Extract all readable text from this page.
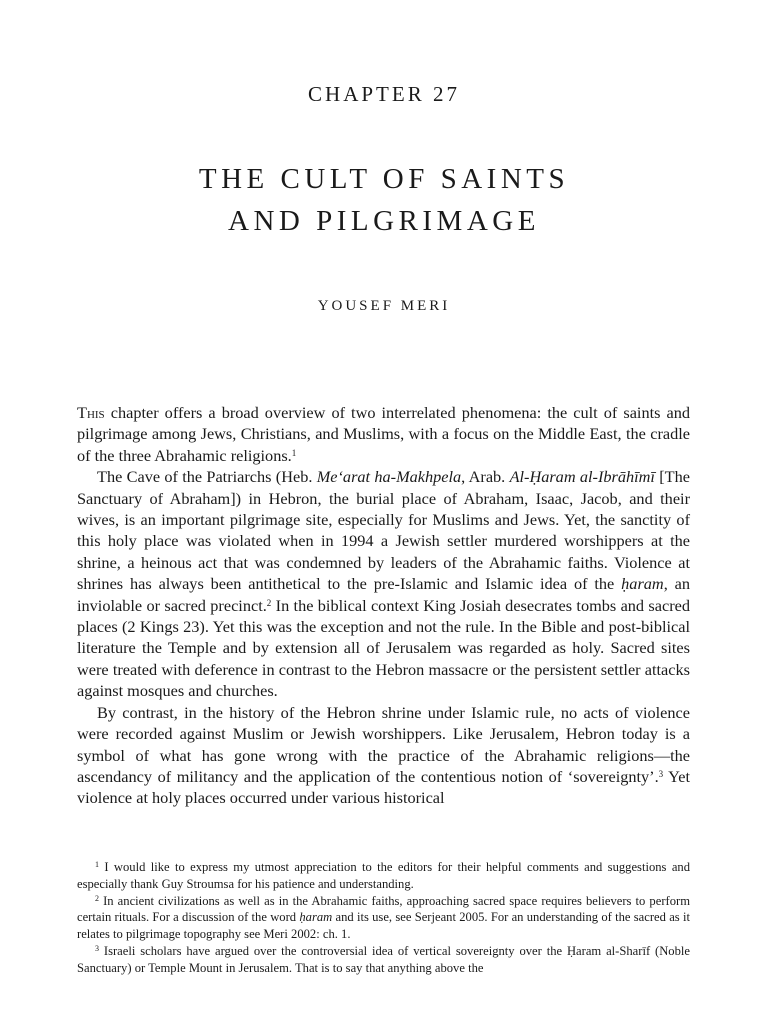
CHAPTER 27
THE CULT OF SAINTS
AND PILGRIMAGE
YOUSEF MERI

This chapter offers a broad overview of two interrelated phenomena: the cult of saints and pilgrimage among Jews, Christians, and Muslims, with a focus on the Middle East, the cradle of the three Abrahamic religions.$^1$

The Cave of the Patriarchs (Heb. Me‘arat ha-Makhpela, Arab. Al-Ḥaram al-Ibrāhīmī [The Sanctuary of Abraham]) in Hebron, the burial place of Abraham, Isaac, Jacob, and their wives, is an important pilgrimage site, especially for Muslims and Jews. Yet, the sanctity of this holy place was violated when in 1994 a Jewish settler murdered worshippers at the shrine, a heinous act that was condemned by leaders of the Abrahamic faiths. Violence at shrines has always been antithetical to the pre-Islamic and Islamic idea of the ḥaram, an inviolable or sacred precinct.$^2$ In the biblical context King Josiah desecrates tombs and sacred places (2 Kings 23). Yet this was the exception and not the rule. In the Bible and post-biblical literature the Temple and by extension all of Jerusalem was regarded as holy. Sacred sites were treated with deference in contrast to the Hebron massacre or the persistent settler attacks against mosques and churches.

By contrast, in the history of the Hebron shrine under Islamic rule, no acts of violence were recorded against Muslim or Jewish worshippers. Like Jerusalem, Hebron today is a symbol of what has gone wrong with the practice of the Abrahamic religions—the ascendancy of militancy and the application of the contentious notion of ‘sovereignty’.$^3$ Yet violence at holy places occurred under various historical

$^1$ I would like to express my utmost appreciation to the editors for their helpful comments and suggestions and especially thank Guy Stroumsa for his patience and understanding.

$^2$ In ancient civilizations as well as in the Abrahamic faiths, approaching sacred space requires believers to perform certain rituals. For a discussion of the word ḥaram and its use, see Serjeant 2005. For an understanding of the sacred as it relates to pilgrimage topography see Meri 2002: ch. 1.

$^3$ Israeli scholars have argued over the controversial idea of vertical sovereignty over the Ḥaram al-Sharīf (Noble Sanctuary) or Temple Mount in Jerusalem. That is to say that anything above the
